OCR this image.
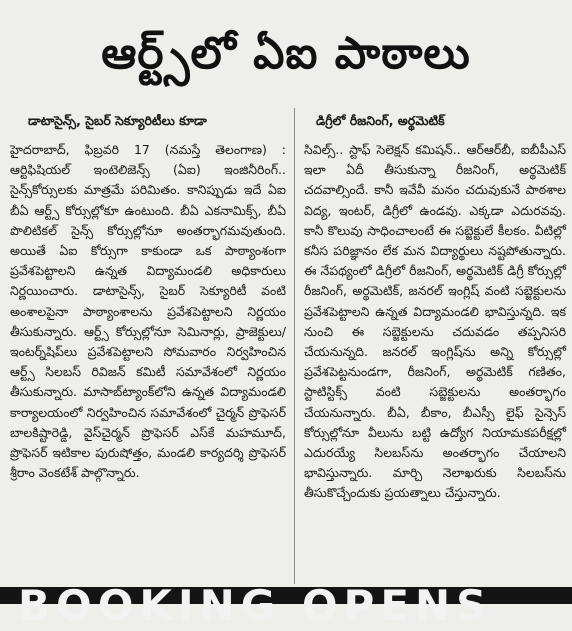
ఆర్ట్స్‌లో ఏఐ పాఠాలు
డాటాసైన్స్, సైబర్ సెక్యూరిటీలు కూడా

హైదరాబాద్, ఫిబ్రవరి 17 (నమస్తే తెలంగాణ) : ఆర్టిఫిషియల్ ఇంటెలిజెన్స్ (ఏఐ) ఇంజినీరింగ్.. సైన్స్‌కోర్సులకు మాత్రమే పరిమితం. కానిప్పుడు ఇదే ఏఐ బీఏ ఆర్ట్స్ కోర్సుల్లోకూ ఉంటుంది. బీఏ ఎకనామిక్స్, బీఏ పొలిటికల్ సైన్స్ కోర్సుల్లోనూ అంతర్భాగమవుతుంది. అయితే ఏఐ కోర్సుగా కాకుండా ఒక పాఠ్యాంశంగా ప్రవేశపెట్టాలని ఉన్నత విద్యామండలి అధికారులు నిర్ణయించారు. డాటాసైన్స్, సైబర్ సెక్యూరిటీ వంటి అంశాలపైనా పాఠ్యాంశాలను ప్రవేశపెట్టాలని నిర్ణయం తీసుకున్నారు. ఆర్ట్స్ కోర్సుల్లోనూ సెమినార్లు, ప్రాజెక్టులు/ ఇంటర్న్‌షిప్‌లు ప్రవేశపెట్టాలని సోమవారం నిర్వహించిన ఆర్ట్స్ సిలబస్ రివిజన్ కమిటీ సమావేశంలో నిర్ణయం తీసుకున్నారు. మాసాబ్‌ట్యాంక్‌లోని ఉన్నత విద్యామండలి కార్యాలయంలో నిర్వహించిన సమావేశంలో చైర్మన్ ప్రొఫెసర్ బాలకిష్టారెడ్డి, వైస్‌చైర్మన్ ప్రొఫెసర్ ఎస్‌కే మహమూద్, ప్రొఫెసర్ ఇటికాల పురుషోత్తం, మండలి కార్యదర్శి ప్రొఫెసర్ శ్రీరాం వెంకటేశ్ పాల్గొన్నారు.

డిగ్రీలో రీజనింగ్, అర్థమెటిక్

సివిల్స్.. స్టాఫ్ సెలెక్షన్ కమిషన్.. ఆర్‌ఆర్‌బీ, ఐబీపీఎస్ ఇలా ఏదీ తీసుకున్నా రీజనింగ్, అర్థమెటిక్ చదవాల్సిందే. కానీ ఇవేవీ మనం చదువుకునే పాఠశాల విద్య, ఇంటర్, డిగ్రీలో ఉండవు. ఎక్కడా ఎదురవవు. కానీ కొలువు సాధించాలంటే ఈ సబ్జెక్టులే కీలకం. వీటిల్లో కనీస పరిజ్ఞానం లేక మన విద్యార్థులు నష్టపోతున్నారు. ఈ నేపథ్యంలో డిగ్రీలో రీజనింగ్, అర్థమెటిక్ డిగ్రీ కోర్సుల్లో రీజనింగ్, అర్థమెటిక్, జనరల్ ఇంగ్లిష్ వంటి సబ్జెక్టులను ప్రవేశపెట్టాలని ఉన్నత విద్యామండలి భావిస్తున్నది. ఇక నుంచి ఈ సబ్జెక్టులను చదువడం తప్పనిసరి చేయనున్నది. జనరల్ ఇంగ్లిష్‌ను అన్ని కోర్సుల్లో ప్రవేశపెట్టనుండగా, రీజనింగ్, అర్థమెటిక్ గణితం, స్టాటిస్టిక్స్ వంటి సబ్జెక్టులను అంతర్భాగం చేయనున్నారు. బీఏ, బీకాం, బీఎస్సీ లైఫ్ సైన్సెస్ కోర్సుల్లోనూ వీలును బట్టి ఉద్యోగ నియామకపరీక్షల్లో ఎదురయ్యే సిలబస్‌ను అంతర్భాగం చేయాలని భావిస్తున్నారు. మార్చి నెలాఖరుకు సిలబస్‌ను తీసుకొచ్చేందుకు ప్రయత్నాలు చేస్తున్నారు.

BOOKING OPENS
